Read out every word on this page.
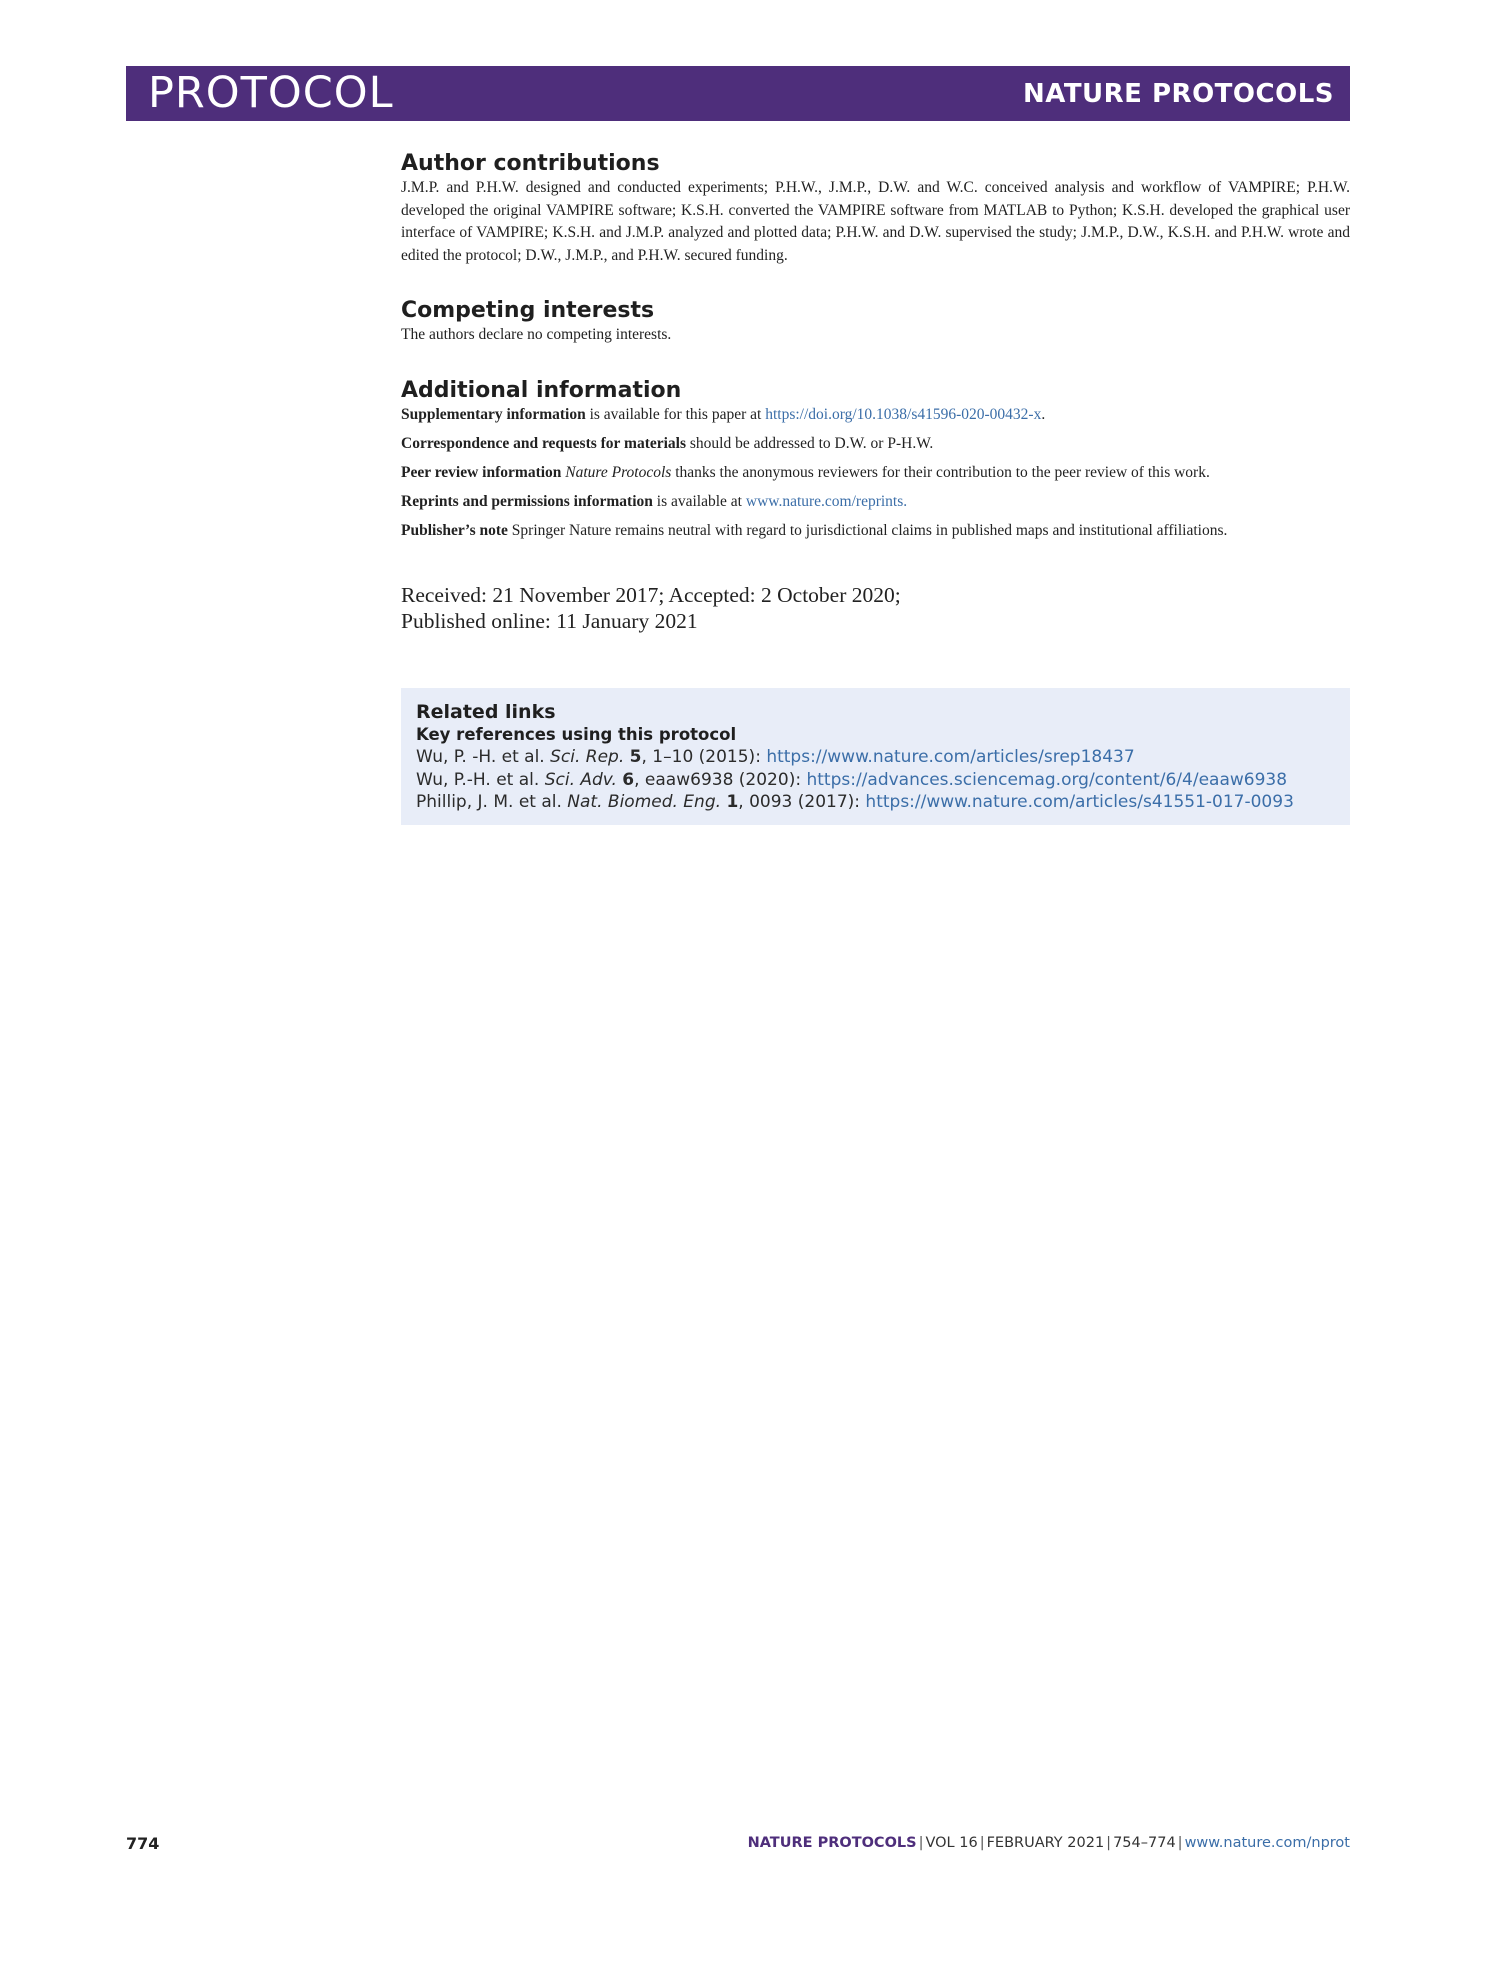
PROTOCOL	NATURE PROTOCOLS
Author contributions

J.M.P. and P.H.W. designed and conducted experiments; P.H.W., J.M.P., D.W. and W.C. conceived analysis and workflow of VAMPIRE; P.H.W. developed the original VAMPIRE software; K.S.H. converted the VAMPIRE software from MATLAB to Python; K.S.H. developed the graphical user interface of VAMPIRE; K.S.H. and J.M.P. analyzed and plotted data; P.H.W. and D.W. supervised the study; J.M.P., D.W., K.S.H. and P.H.W. wrote and edited the protocol; D.W., J.M.P., and P.H.W. secured funding.

Competing interests

The authors declare no competing interests.

Additional information

Supplementary information is available for this paper at https://doi.org/10.1038/s41596-020-00432-x.

Correspondence and requests for materials should be addressed to D.W. or P-H.W.

Peer review information Nature Protocols thanks the anonymous reviewers for their contribution to the peer review of this work.

Reprints and permissions information is available at www.nature.com/reprints.

Publisher’s note Springer Nature remains neutral with regard to jurisdictional claims in published maps and institutional affiliations.

Received: 21 November 2017; Accepted: 2 October 2020;
Published online: 11 January 2021
Related links
Key references using this protocol
Wu, P. -H. et al. Sci. Rep. 5, 1–10 (2015): https://www.nature.com/articles/srep18437
Wu, P.-H. et al. Sci. Adv. 6, eaaw6938 (2020): https://advances.sciencemag.org/content/6/4/eaaw6938
Phillip, J. M. et al. Nat. Biomed. Eng. 1, 0093 (2017): https://www.nature.com/articles/s41551-017-0093
774	NATURE PROTOCOLS | VOL 16 | FEBRUARY 2021 | 754–774 | www.nature.com/nprot
